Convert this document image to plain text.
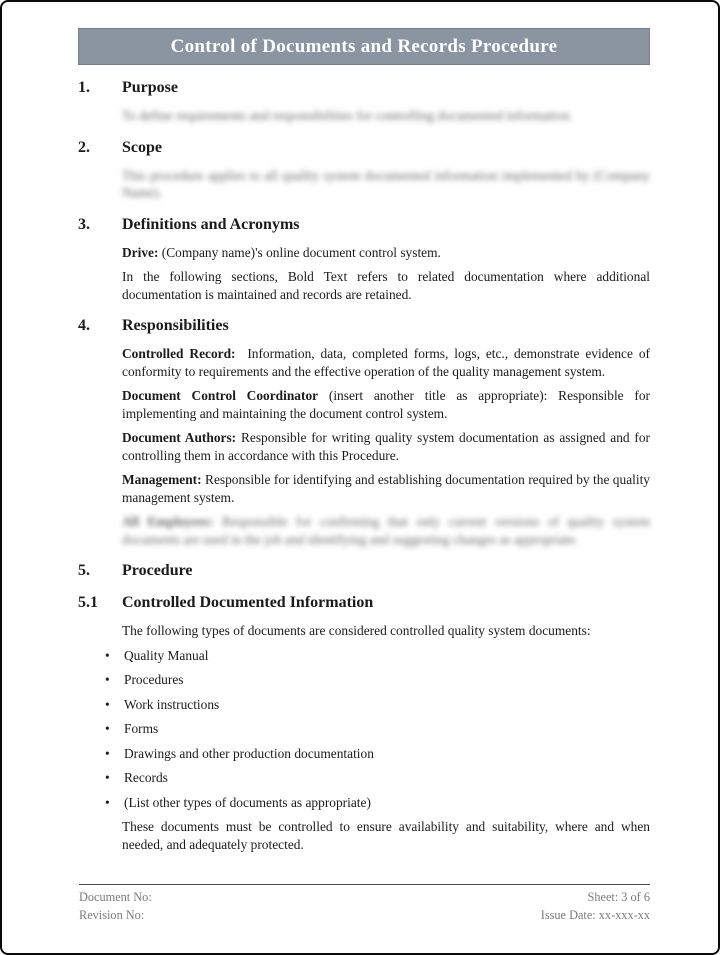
Control of Documents and Records Procedure
1.	Purpose

To define requirements and responsibilities for controlling documented information.

2.	Scope

This procedure applies to all quality system documented information implemented by (Company Name).

3.	Definitions and Acronyms

Drive: (Company name)'s online document control system.

In the following sections, Bold Text refers to related documentation where additional documentation is maintained and records are retained.

4.	Responsibilities

Controlled Record:  Information, data, completed forms, logs, etc., demonstrate evidence of conformity to requirements and the effective operation of the quality management system.

Document Control Coordinator (insert another title as appropriate): Responsible for implementing and maintaining the document control system.

Document Authors: Responsible for writing quality system documentation as assigned and for controlling them in accordance with this Procedure.

Management: Responsible for identifying and establishing documentation required by the quality management system.

All Employees: Responsible for confirming that only current versions of quality system documents are used in the job and identifying and suggesting changes as appropriate.

5.	Procedure
5.1	Controlled Documented Information

The following types of documents are considered controlled quality system documents:

• Quality Manual
• Procedures
• Work instructions
• Forms
• Drawings and other production documentation
• Records
• (List other types of documents as appropriate)

These documents must be controlled to ensure availability and suitability, where and when needed, and adequately protected.

Document No:
Revision No:
Sheet: 3 of 6
Issue Date: xx-xxx-xx
